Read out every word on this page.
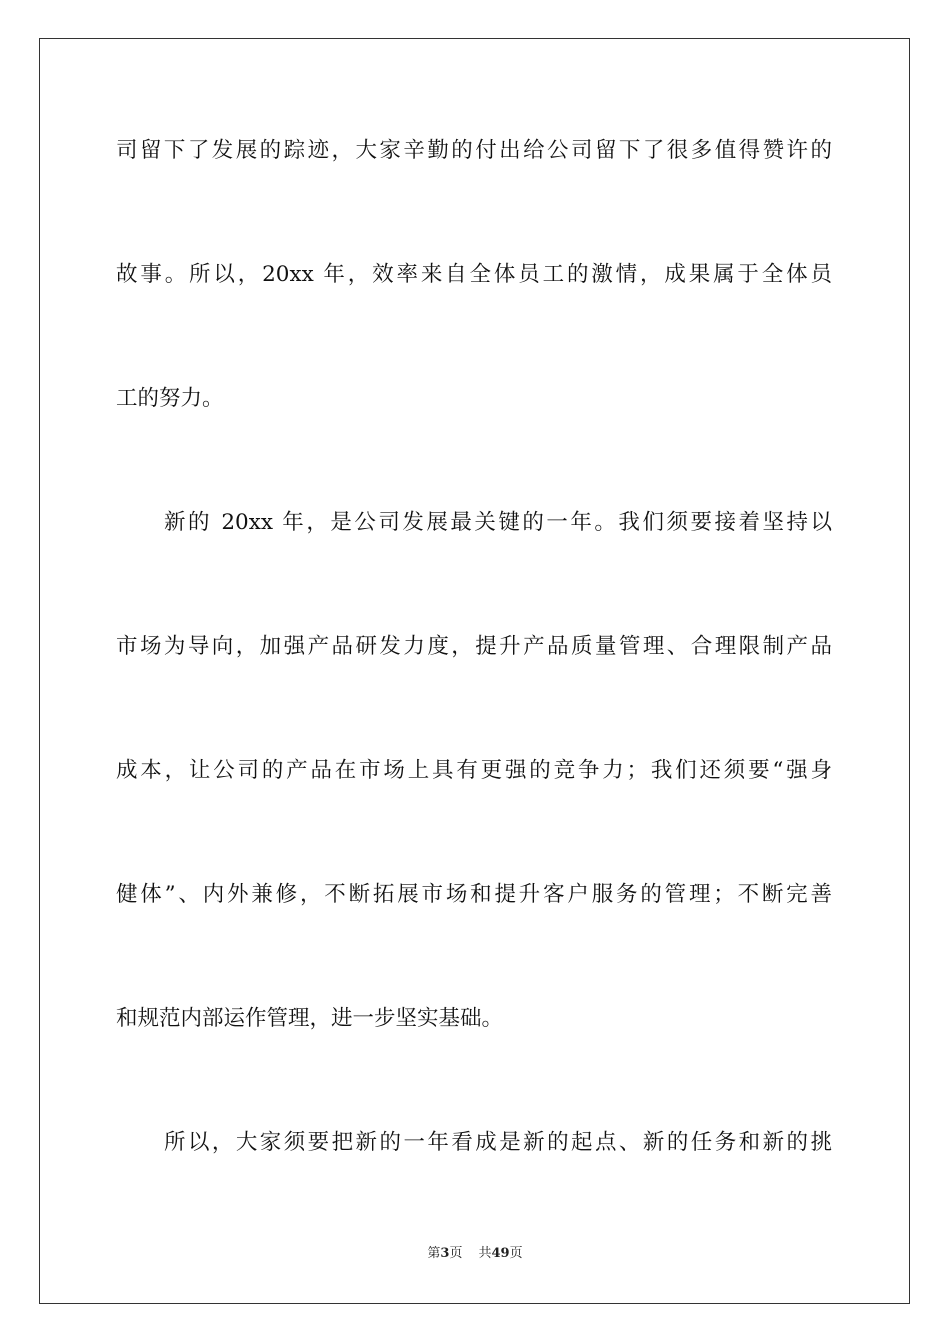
司留下了发展的踪迹，大家辛勤的付出给公司留下了很多值得赞许的
故事。所以，20xx 年，效率来自全体员工的激情，成果属于全体员
工的努力。
新的 20xx 年，是公司发展最关键的一年。我们须要接着坚持以
市场为导向，加强产品研发力度，提升产品质量管理、合理限制产品
成本，让公司的产品在市场上具有更强的竞争力；我们还须要“强身
健体”、内外兼修，不断拓展市场和提升客户服务的管理；不断完善
和规范内部运作管理，进一步坚实基础。
所以，大家须要把新的一年看成是新的起点、新的任务和新的挑
第3页 共49页
